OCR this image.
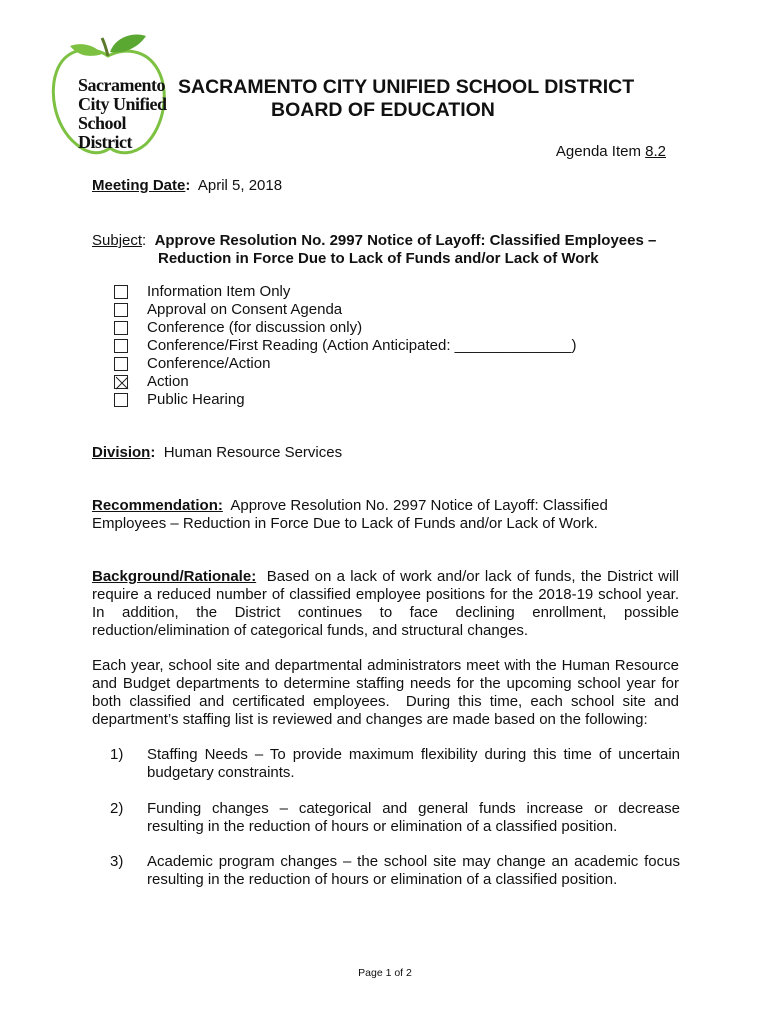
Sacramento
City Unified
School District
SACRAMENTO CITY UNIFIED SCHOOL DISTRICT
BOARD OF EDUCATION
Agenda Item 8.2
Meeting Date:  April 5, 2018
Subject:  Approve Resolution No. 2997 Notice of Layoff: Classified Employees –
Reduction in Force Due to Lack of Funds and/or Lack of Work
Information Item Only
Approval on Consent Agenda
Conference (for discussion only)
Conference/First Reading (Action Anticipated: ______________)
Conference/Action
Action
Public Hearing
Division:  Human Resource Services
Recommendation:  Approve Resolution No. 2997 Notice of Layoff: Classified Employees – Reduction in Force Due to Lack of Funds and/or Lack of Work.
Background/Rationale:  Based on a lack of work and/or lack of funds, the District will require a reduced number of classified employee positions for the 2018-19 school year. In addition, the District continues to face declining enrollment, possible reduction/elimination of categorical funds, and structural changes.
Each year, school site and departmental administrators meet with the Human Resource and Budget departments to determine staffing needs for the upcoming school year for both classified and certificated employees.  During this time, each school site and department’s staffing list is reviewed and changes are made based on the following:
1) Staffing Needs – To provide maximum flexibility during this time of uncertain budgetary constraints.
2) Funding changes – categorical and general funds increase or decrease resulting in the reduction of hours or elimination of a classified position.
3) Academic program changes – the school site may change an academic focus resulting in the reduction of hours or elimination of a classified position.
Page 1 of 2
